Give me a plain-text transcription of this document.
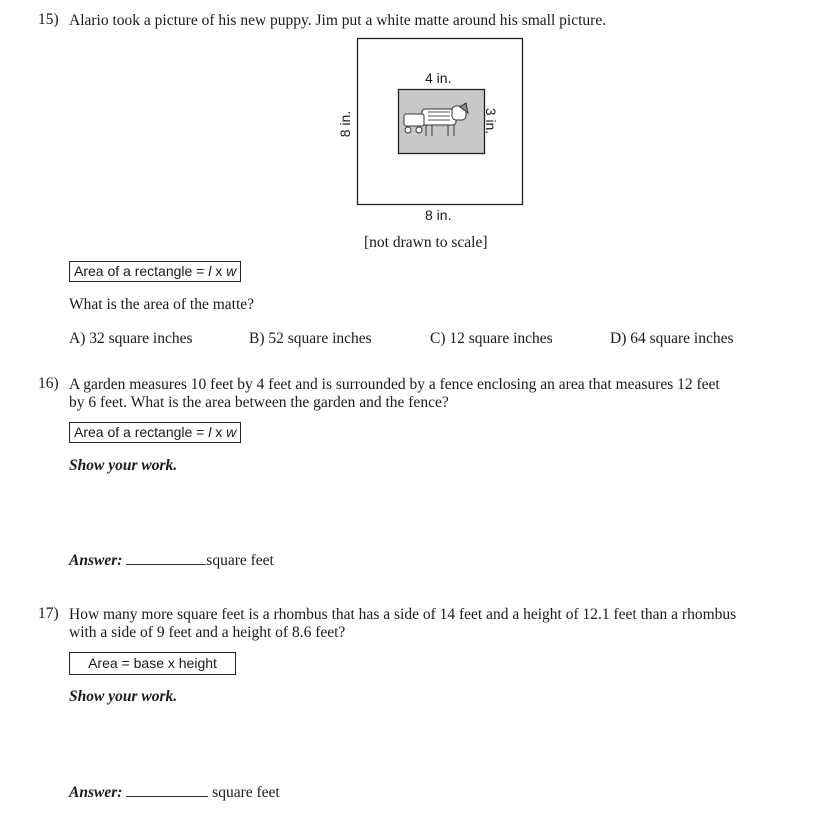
15) Alario took a picture of his new puppy. Jim put a white matte around his small picture.
4 in.
8 in.	3 in.
8 in.
[not drawn to scale]
Area of a rectangle = l x w
What is the area of the matte?
A) 32 square inches	B) 52 square inches	C) 12 square inches	D) 64 square inches
16) A garden measures 10 feet by 4 feet and is surrounded by a fence enclosing an area that measures 12 feet
by 6 feet. What is the area between the garden and the fence?
Area of a rectangle = l x w
Show your work.
Answer:	square feet
17) How many more square feet is a rhombus that has a side of 14 feet and a height of 12.1 feet than a rhombus
with a side of 9 feet and a height of 8.6 feet?
Area = base x height
Show your work.
Answer:	square feet
